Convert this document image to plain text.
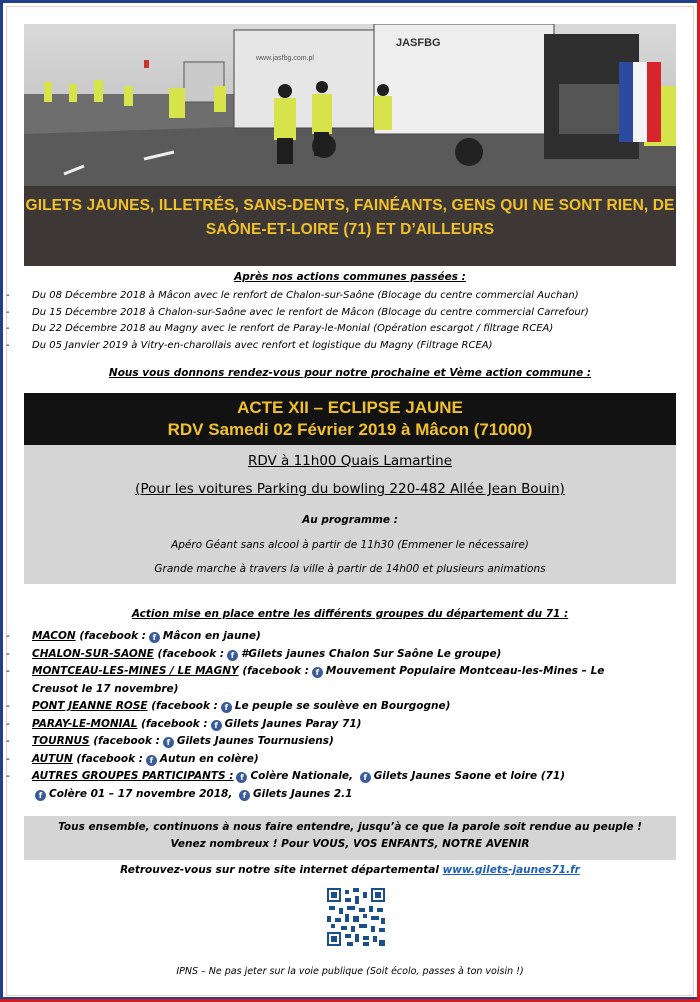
JASFBG
www.jasfbg.com.pl
GILETS JAUNES, ILLETRÉS, SANS-DENTS, FAINÉANTS, GENS QUI NE SONT RIEN, DE
SAÔNE-ET-LOIRE (71) ET D’AILLEURS
Après nos actions communes passées :
- Du 08 Décembre 2018 à Mâcon avec le renfort de Chalon-sur-Saône (Blocage du centre commercial Auchan)
- Du 15 Décembre 2018 à Chalon-sur-Saône avec le renfort de Mâcon (Blocage du centre commercial Carrefour)
- Du 22 Décembre 2018 au Magny avec le renfort de Paray-le-Monial (Opération escargot / filtrage RCEA)
- Du 05 Janvier 2019 à Vitry-en-charollais avec renfort et logistique du Magny (Filtrage RCEA)
Nous vous donnons rendez-vous pour notre prochaine et Vème action commune :
ACTE XII – ECLIPSE JAUNE
RDV Samedi 02 Février 2019 à Mâcon (71000)
RDV à 11h00 Quais Lamartine
(Pour les voitures Parking du bowling 220-482 Allée Jean Bouin)
Au programme :
Apéro Géant sans alcool à partir de 11h30 (Emmener le nécessaire)
Grande marche à travers la ville à partir de 14h00 et plusieurs animations
Action mise en place entre les différents groupes du département du 71 :
- MACON (facebook : f Mâcon en jaune)
- CHALON-SUR-SAONE (facebook : f #Gilets jaunes Chalon Sur Saône Le groupe)
- MONTCEAU-LES-MINES / LE MAGNY (facebook : f Mouvement Populaire Montceau-les-Mines – Le
Creusot le 17 novembre)
- PONT JEANNE ROSE (facebook : f Le peuple se soulève en Bourgogne)
- PARAY-LE-MONIAL (facebook : f Gilets Jaunes Paray 71)
- TOURNUS (facebook : f Gilets Jaunes Tournusiens)
- AUTUN (facebook : f Autun en colère)
- AUTRES GROUPES PARTICIPANTS : f Colère Nationale, f Gilets Jaunes Saone et loire (71)
f Colère 01 – 17 novembre 2018, f Gilets Jaunes 2.1
Tous ensemble, continuons à nous faire entendre, jusqu’à ce que la parole soit rendue au peuple !
Venez nombreux ! Pour VOUS, VOS ENFANTS, NOTRE AVENIR
Retrouvez-vous sur notre site internet départemental www.gilets-jaunes71.fr
IPNS – Ne pas jeter sur la voie publique (Soit écolo, passes à ton voisin !)
